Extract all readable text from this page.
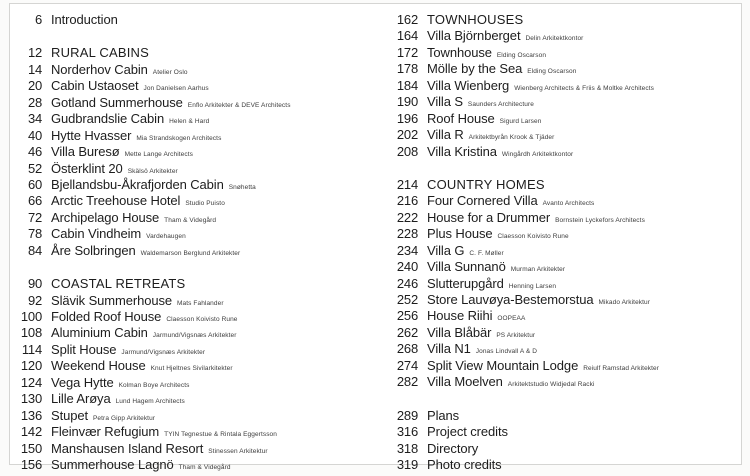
6 Introduction
12 RURAL CABINS
14 Norderhov Cabin Atelier Oslo
20 Cabin Ustaoset Jon Danielsen Aarhus
28 Gotland Summerhouse Enflo Arkitekter & DEVE Architects
34 Gudbrandslie Cabin Helen & Hard
40 Hytte Hvasser Mia Strandskogen Architects
46 Villa Buresø Mette Lange Architects
52 Österklint 20 Skälsö Arkitekter
60 Bjellandsbu-Åkrafjorden Cabin Snøhetta
66 Arctic Treehouse Hotel Studio Puisto
72 Archipelago House Tham & Videgård
78 Cabin Vindheim Vardehaugen
84 Åre Solbringen Waldemarson Berglund Arkitekter
90 COASTAL RETREATS
92 Slävik Summerhouse Mats Fahlander
100 Folded Roof House Claesson Koivisto Rune
108 Aluminium Cabin Jarmund/Vigsnæs Arkitekter
114 Split House Jarmund/Vigsnæs Arkitekter
120 Weekend House Knut Hjeltnes Sivilarkitekter
124 Vega Hytte Kolman Boye Architects
130 Lille Arøya Lund Hagem Architects
136 Stupet Petra Gipp Arkitektur
142 Fleinvær Refugium TYIN Tegnestue & Rintala Eggertsson
150 Manshausen Island Resort Stinessen Arkitektur
156 Summerhouse Lagnö Tham & Videgård
162 TOWNHOUSES
164 Villa Björnberget Delin Arkitektkontor
172 Townhouse Elding Oscarson
178 Mölle by the Sea Elding Oscarson
184 Villa Wienberg Wienberg Architects & Friis & Moltke Architects
190 Villa S Saunders Architecture
196 Roof House Sigurd Larsen
202 Villa R Arkitektbyrån Krook & Tjäder
208 Villa Kristina Wingårdh Arkitektkontor
214 COUNTRY HOMES
216 Four Cornered Villa Avanto Architects
222 House for a Drummer Bornstein Lyckefors Architects
228 Plus House Claesson Koivisto Rune
234 Villa G C. F. Møller
240 Villa Sunnanö Murman Arkitekter
246 Slutterupgård Henning Larsen
252 Store Lauvøya-Bestemorstua Mikado Arkitektur
256 House Riihi OOPEAA
262 Villa Blåbär PS Arkitektur
268 Villa N1 Jonas Lindvall A & D
274 Split View Mountain Lodge Reiulf Ramstad Arkitekter
282 Villa Moelven Arkitektstudio Widjedal Racki
289 Plans
316 Project credits
318 Directory
319 Photo credits
